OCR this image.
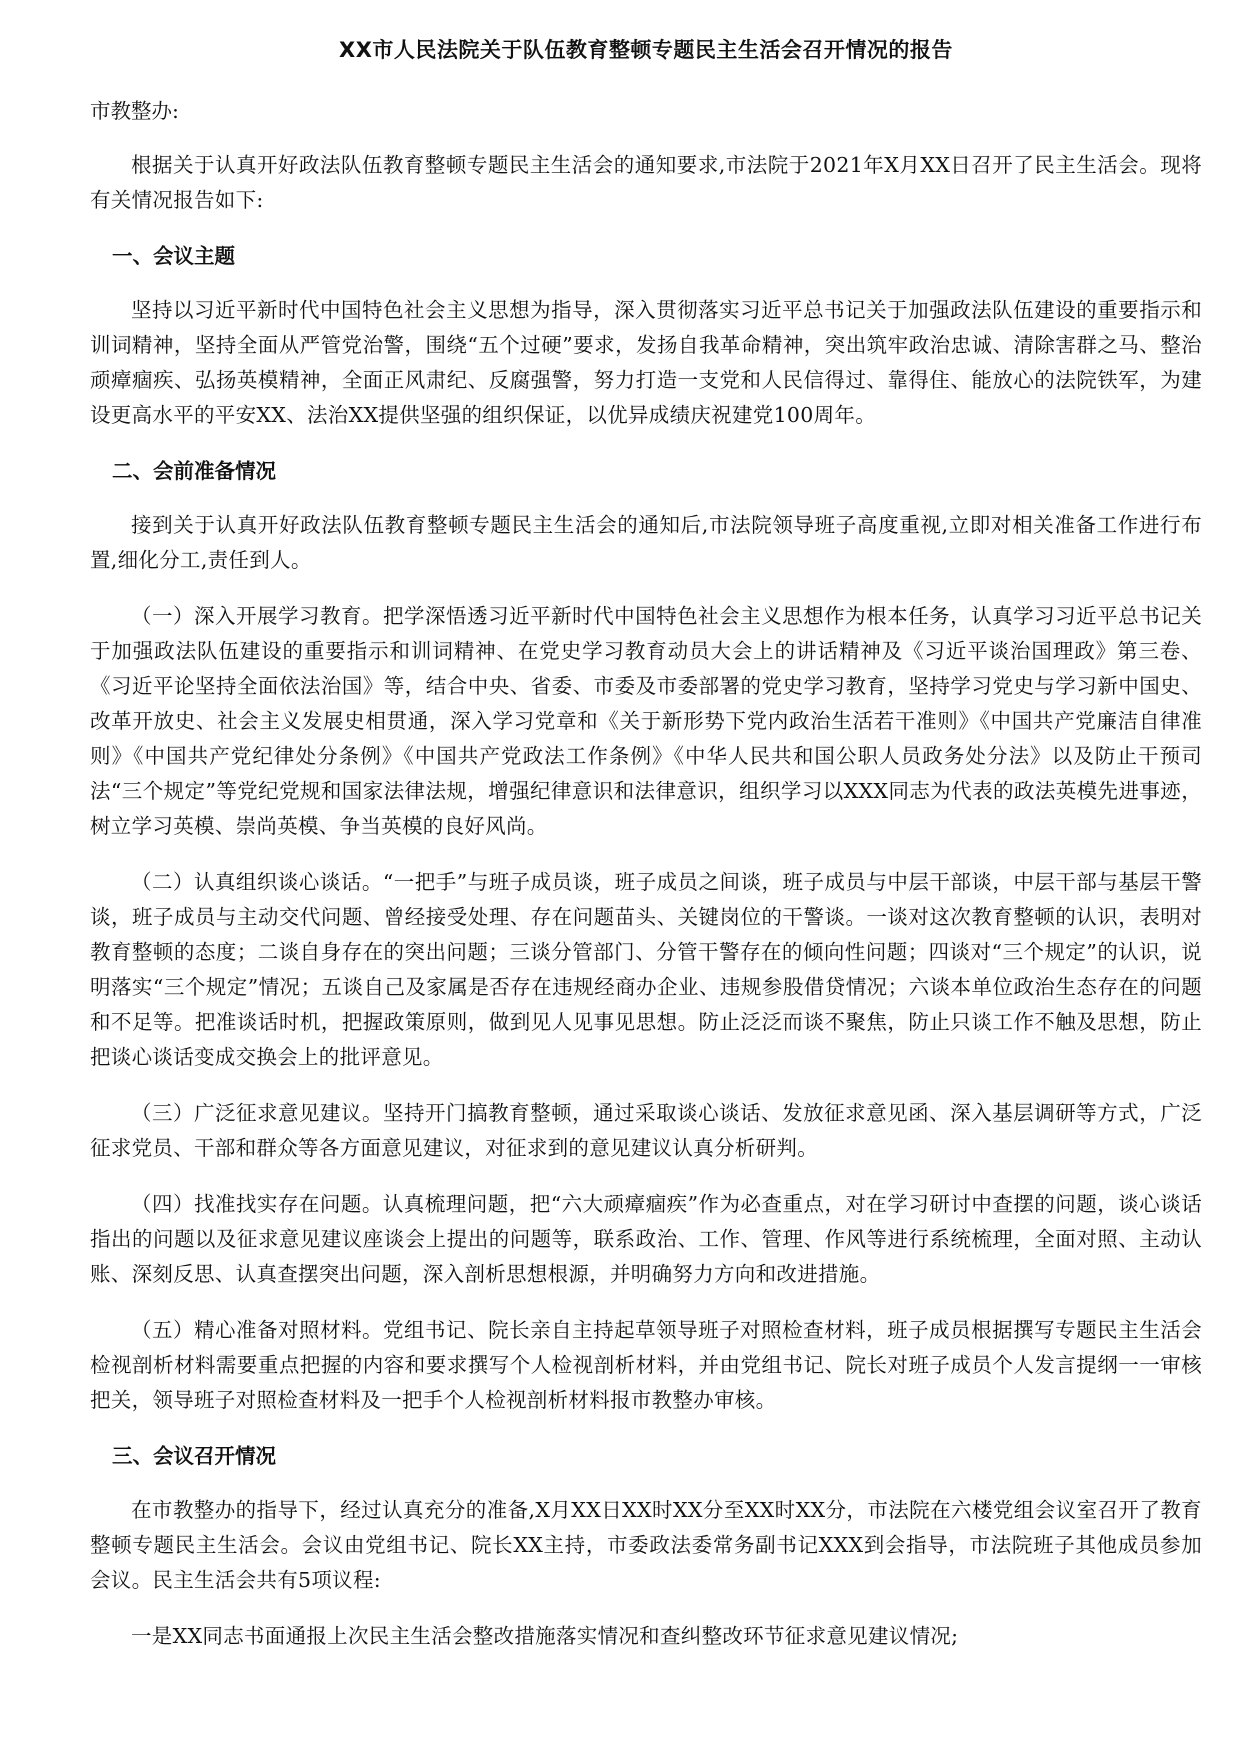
XX市人民法院关于队伍教育整顿专题民主生活会召开情况的报告
市教整办:

根据关于认真开好政法队伍教育整顿专题民主生活会的通知要求,市法院于2021年X月XX日召开了民主生活会。现将有关情况报告如下:

一、会议主题

坚持以习近平新时代中国特色社会主义思想为指导，深入贯彻落实习近平总书记关于加强政法队伍建设的重要指示和训词精神，坚持全面从严管党治警，围绕“五个过硬”要求，发扬自我革命精神，突出筑牢政治忠诚、清除害群之马、整治顽瘴痼疾、弘扬英模精神，全面正风肃纪、反腐强警，努力打造一支党和人民信得过、靠得住、能放心的法院铁军，为建设更高水平的平安XX、法治XX提供坚强的组织保证，以优异成绩庆祝建党100周年。

二、会前准备情况

接到关于认真开好政法队伍教育整顿专题民主生活会的通知后,市法院领导班子高度重视,立即对相关准备工作进行布置,细化分工,责任到人。

（一）深入开展学习教育。把学深悟透习近平新时代中国特色社会主义思想作为根本任务，认真学习习近平总书记关于加强政法队伍建设的重要指示和训词精神、在党史学习教育动员大会上的讲话精神及《习近平谈治国理政》第三卷、《习近平论坚持全面依法治国》等，结合中央、省委、市委及市委部署的党史学习教育，坚持学习党史与学习新中国史、改革开放史、社会主义发展史相贯通，深入学习党章和《关于新形势下党内政治生活若干准则》《中国共产党廉洁自律准则》《中国共产党纪律处分条例》《中国共产党政法工作条例》《中华人民共和国公职人员政务处分法》以及防止干预司法“三个规定”等党纪党规和国家法律法规，增强纪律意识和法律意识，组织学习以XXX同志为代表的政法英模先进事迹，树立学习英模、崇尚英模、争当英模的良好风尚。

（二）认真组织谈心谈话。“一把手”与班子成员谈，班子成员之间谈，班子成员与中层干部谈，中层干部与基层干警谈，班子成员与主动交代问题、曾经接受处理、存在问题苗头、关键岗位的干警谈。一谈对这次教育整顿的认识，表明对教育整顿的态度；二谈自身存在的突出问题；三谈分管部门、分管干警存在的倾向性问题；四谈对“三个规定”的认识，说明落实“三个规定”情况；五谈自己及家属是否存在违规经商办企业、违规参股借贷情况；六谈本单位政治生态存在的问题和不足等。把准谈话时机，把握政策原则，做到见人见事见思想。防止泛泛而谈不聚焦，防止只谈工作不触及思想，防止把谈心谈话变成交换会上的批评意见。

（三）广泛征求意见建议。坚持开门搞教育整顿，通过采取谈心谈话、发放征求意见函、深入基层调研等方式，广泛征求党员、干部和群众等各方面意见建议，对征求到的意见建议认真分析研判。

（四）找准找实存在问题。认真梳理问题，把“六大顽瘴痼疾”作为必查重点，对在学习研讨中查摆的问题，谈心谈话指出的问题以及征求意见建议座谈会上提出的问题等，联系政治、工作、管理、作风等进行系统梳理，全面对照、主动认账、深刻反思、认真查摆突出问题，深入剖析思想根源，并明确努力方向和改进措施。

（五）精心准备对照材料。党组书记、院长亲自主持起草领导班子对照检查材料，班子成员根据撰写专题民主生活会检视剖析材料需要重点把握的内容和要求撰写个人检视剖析材料，并由党组书记、院长对班子成员个人发言提纲一一审核把关，领导班子对照检查材料及一把手个人检视剖析材料报市教整办审核。

三、会议召开情况

在市教整办的指导下，经过认真充分的准备,X月XX日XX时XX分至XX时XX分，市法院在六楼党组会议室召开了教育整顿专题民主生活会。会议由党组书记、院长XX主持，市委政法委常务副书记XXX到会指导，市法院班子其他成员参加会议。民主生活会共有5项议程:

一是XX同志书面通报上次民主生活会整改措施落实情况和查纠整改环节征求意见建议情况;
